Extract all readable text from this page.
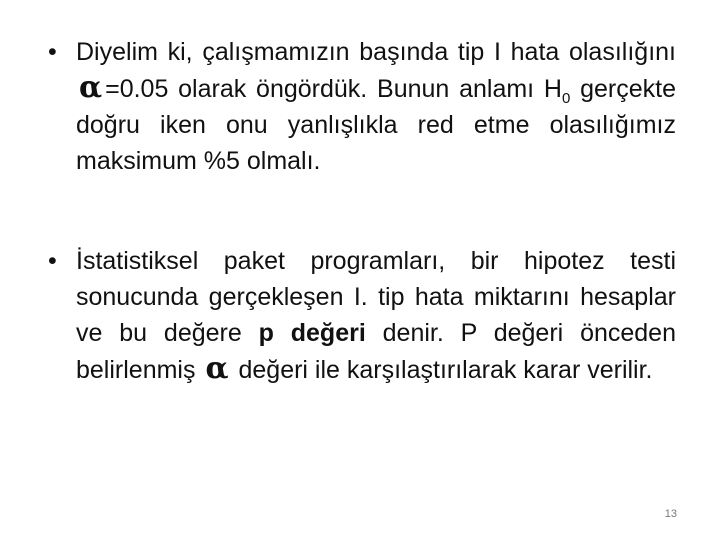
• Diyelim ki, çalışmamızın başında tip I hata olasılığını α =0.05 olarak öngördük. Bunun anlamı $H_0$ gerçekte doğru iken onu yanlışlıkla red etme olasılığımız maksimum %5 olmalı.
• İstatistiksel paket programları, bir hipotez testi sonucunda gerçekleşen I. tip hata miktarını hesaplar ve bu değere p değeri denir. P değeri önceden belirlenmiş α değeri ile karşılaştırılarak karar verilir.
13
